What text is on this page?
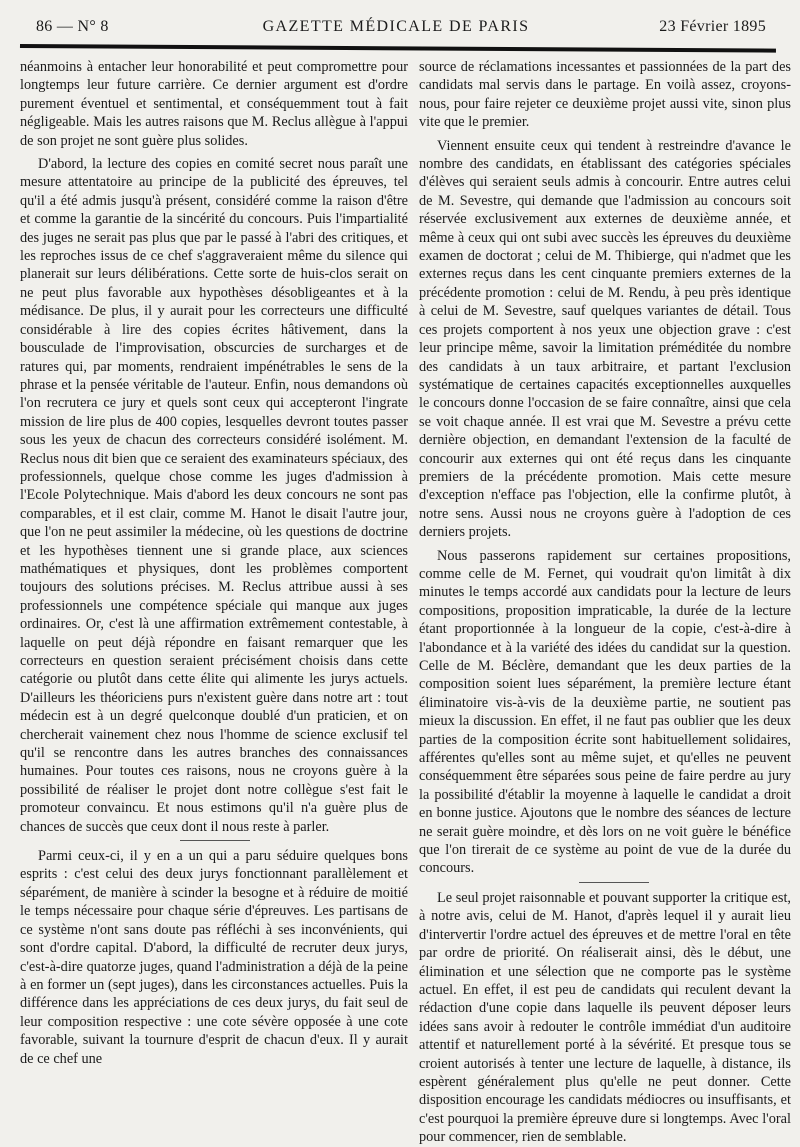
86 — N° 8	GAZETTE MÉDICALE DE PARIS	23 Février 1895

néanmoins à entacher leur honorabilité et peut compromettre pour longtemps leur future carrière. Ce dernier argument est d'ordre purement éventuel et sentimental, et conséquemment tout à fait négligeable. Mais les autres raisons que M. Reclus allègue à l'appui de son projet ne sont guère plus solides.

D'abord, la lecture des copies en comité secret nous paraît une mesure attentatoire au principe de la publicité des épreuves, tel qu'il a été admis jusqu'à présent, considéré comme la raison d'être et comme la garantie de la sincérité du concours. Puis l'impartialité des juges ne serait pas plus que par le passé à l'abri des critiques, et les reproches issus de ce chef s'aggraveraient même du silence qui planerait sur leurs délibérations. Cette sorte de huis-clos serait on ne peut plus favorable aux hypothèses désobligeantes et à la médisance. De plus, il y aurait pour les correcteurs une difficulté considérable à lire des copies écrites hâtivement, dans la bousculade de l'improvisation, obscurcies de surcharges et de ratures qui, par moments, rendraient impénétrables le sens de la phrase et la pensée véritable de l'auteur. Enfin, nous demandons où l'on recrutera ce jury et quels sont ceux qui accepteront l'ingrate mission de lire plus de 400 copies, lesquelles devront toutes passer sous les yeux de chacun des correcteurs considéré isolément. M. Reclus nous dit bien que ce seraient des examinateurs spéciaux, des professionnels, quelque chose comme les juges d'admission à l'Ecole Polytechnique. Mais d'abord les deux concours ne sont pas comparables, et il est clair, comme M. Hanot le disait l'autre jour, que l'on ne peut assimiler la médecine, où les questions de doctrine et les hypothèses tiennent une si grande place, aux sciences mathématiques et physiques, dont les problèmes comportent toujours des solutions précises. M. Reclus attribue aussi à ses professionnels une compétence spéciale qui manque aux juges ordinaires. Or, c'est là une affirmation extrêmement contestable, à laquelle on peut déjà répondre en faisant remarquer que les correcteurs en question seraient précisément choisis dans cette catégorie ou plutôt dans cette élite qui alimente les jurys actuels. D'ailleurs les théoriciens purs n'existent guère dans notre art : tout médecin est à un degré quelconque doublé d'un praticien, et on chercherait vainement chez nous l'homme de science exclusif tel qu'il se rencontre dans les autres branches des connaissances humaines. Pour toutes ces raisons, nous ne croyons guère à la possibilité de réaliser le projet dont notre collègue s'est fait le promoteur convaincu. Et nous estimons qu'il n'a guère plus de chances de succès que ceux dont il nous reste à parler.

Parmi ceux-ci, il y en a un qui a paru séduire quelques bons esprits : c'est celui des deux jurys fonctionnant parallèlement et séparément, de manière à scinder la besogne et à réduire de moitié le temps nécessaire pour chaque série d'épreuves. Les partisans de ce système n'ont sans doute pas réfléchi à ses inconvénients, qui sont d'ordre capital. D'abord, la difficulté de recruter deux jurys, c'est-à-dire quatorze juges, quand l'administration a déjà de la peine à en former un (sept juges), dans les circonstances actuelles. Puis la différence dans les appréciations de ces deux jurys, du fait seul de leur composition respective : une cote sévère opposée à une cote favorable, suivant la tournure d'esprit de chacun d'eux. Il y aurait de ce chef une

source de réclamations incessantes et passionnées de la part des candidats mal servis dans le partage. En voilà assez, croyons-nous, pour faire rejeter ce deuxième projet aussi vite, sinon plus vite que le premier.

Viennent ensuite ceux qui tendent à restreindre d'avance le nombre des candidats, en établissant des catégories spéciales d'élèves qui seraient seuls admis à concourir. Entre autres celui de M. Sevestre, qui demande que l'admission au concours soit réservée exclusivement aux externes de deuxième année, et même à ceux qui ont subi avec succès les épreuves du deuxième examen de doctorat ; celui de M. Thibierge, qui n'admet que les externes reçus dans les cent cinquante premiers externes de la précédente promotion : celui de M. Rendu, à peu près identique à celui de M. Sevestre, sauf quelques variantes de détail. Tous ces projets comportent à nos yeux une objection grave : c'est leur principe même, savoir la limitation préméditée du nombre des candidats à un taux arbitraire, et partant l'exclusion systématique de certaines capacités exceptionnelles auxquelles le concours donne l'occasion de se faire connaître, ainsi que cela se voit chaque année. Il est vrai que M. Sevestre a prévu cette dernière objection, en demandant l'extension de la faculté de concourir aux externes qui ont été reçus dans les cinquante premiers de la précédente promotion. Mais cette mesure d'exception n'efface pas l'objection, elle la confirme plutôt, à notre sens. Aussi nous ne croyons guère à l'adoption de ces derniers projets.

Nous passerons rapidement sur certaines propositions, comme celle de M. Fernet, qui voudrait qu'on limitât à dix minutes le temps accordé aux candidats pour la lecture de leurs compositions, proposition impraticable, la durée de la lecture étant proportionnée à la longueur de la copie, c'est-à-dire à l'abondance et à la variété des idées du candidat sur la question. Celle de M. Béclère, demandant que les deux parties de la composition soient lues séparément, la première lecture étant éliminatoire vis-à-vis de la deuxième partie, ne soutient pas mieux la discussion. En effet, il ne faut pas oublier que les deux parties de la composition écrite sont habituellement solidaires, afférentes qu'elles sont au même sujet, et qu'elles ne peuvent conséquemment être séparées sous peine de faire perdre au jury la possibilité d'établir la moyenne à laquelle le candidat a droit en bonne justice. Ajoutons que le nombre des séances de lecture ne serait guère moindre, et dès lors on ne voit guère le bénéfice que l'on tirerait de ce système au point de vue de la durée du concours.

Le seul projet raisonnable et pouvant supporter la critique est, à notre avis, celui de M. Hanot, d'après lequel il y aurait lieu d'intervertir l'ordre actuel des épreuves et de mettre l'oral en tête par ordre de priorité. On réaliserait ainsi, dès le début, une élimination et une sélection que ne comporte pas le système actuel. En effet, il est peu de candidats qui reculent devant la rédaction d'une copie dans laquelle ils peuvent déposer leurs idées sans avoir à redouter le contrôle immédiat d'un auditoire attentif et naturellement porté à la sévérité. Et presque tous se croient autorisés à tenter une lecture de laquelle, à distance, ils espèrent généralement plus qu'elle ne peut donner. Cette disposition encourage les candidats médiocres ou insuffisants, et c'est pourquoi la première épreuve dure si longtemps. Avec l'oral pour commencer, rien de semblable.
